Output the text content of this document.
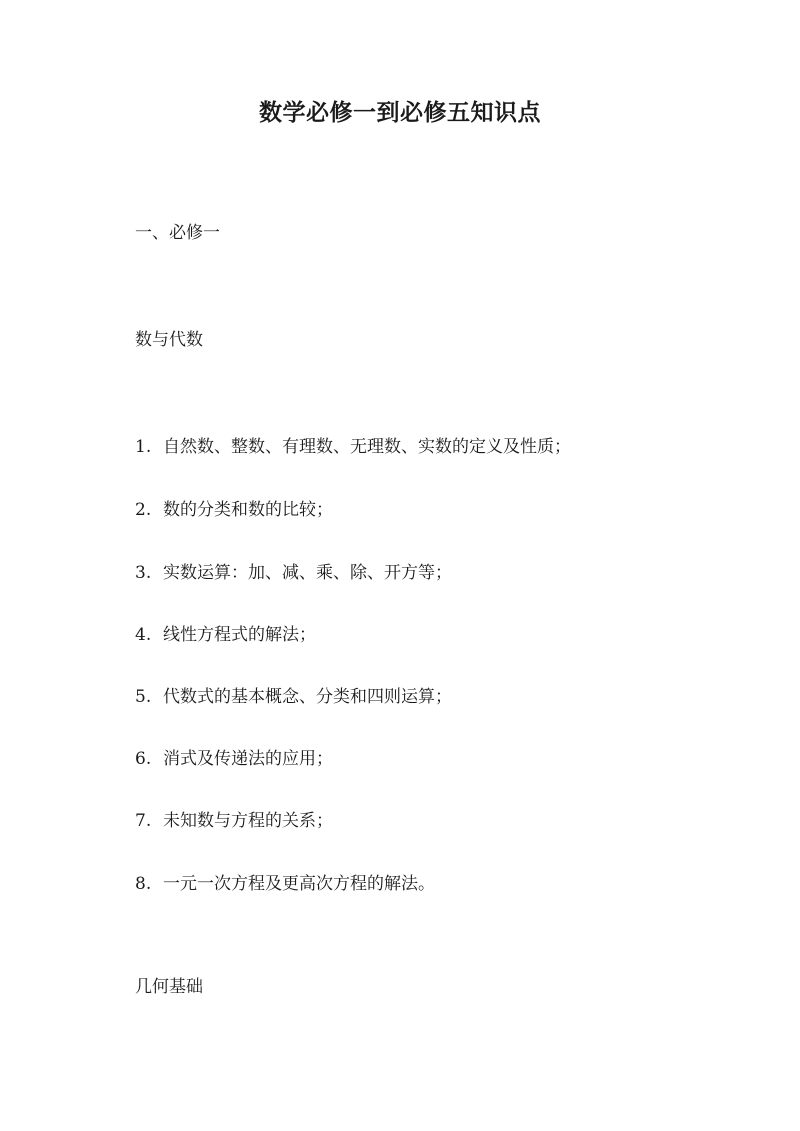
数学必修一到必修五知识点
一、必修一
数与代数
1. 自然数、整数、有理数、无理数、实数的定义及性质；
2. 数的分类和数的比较；
3. 实数运算：加、减、乘、除、开方等；
4. 线性方程式的解法；
5. 代数式的基本概念、分类和四则运算；
6. 消式及传递法的应用；
7. 未知数与方程的关系；
8. 一元一次方程及更高次方程的解法。
几何基础
